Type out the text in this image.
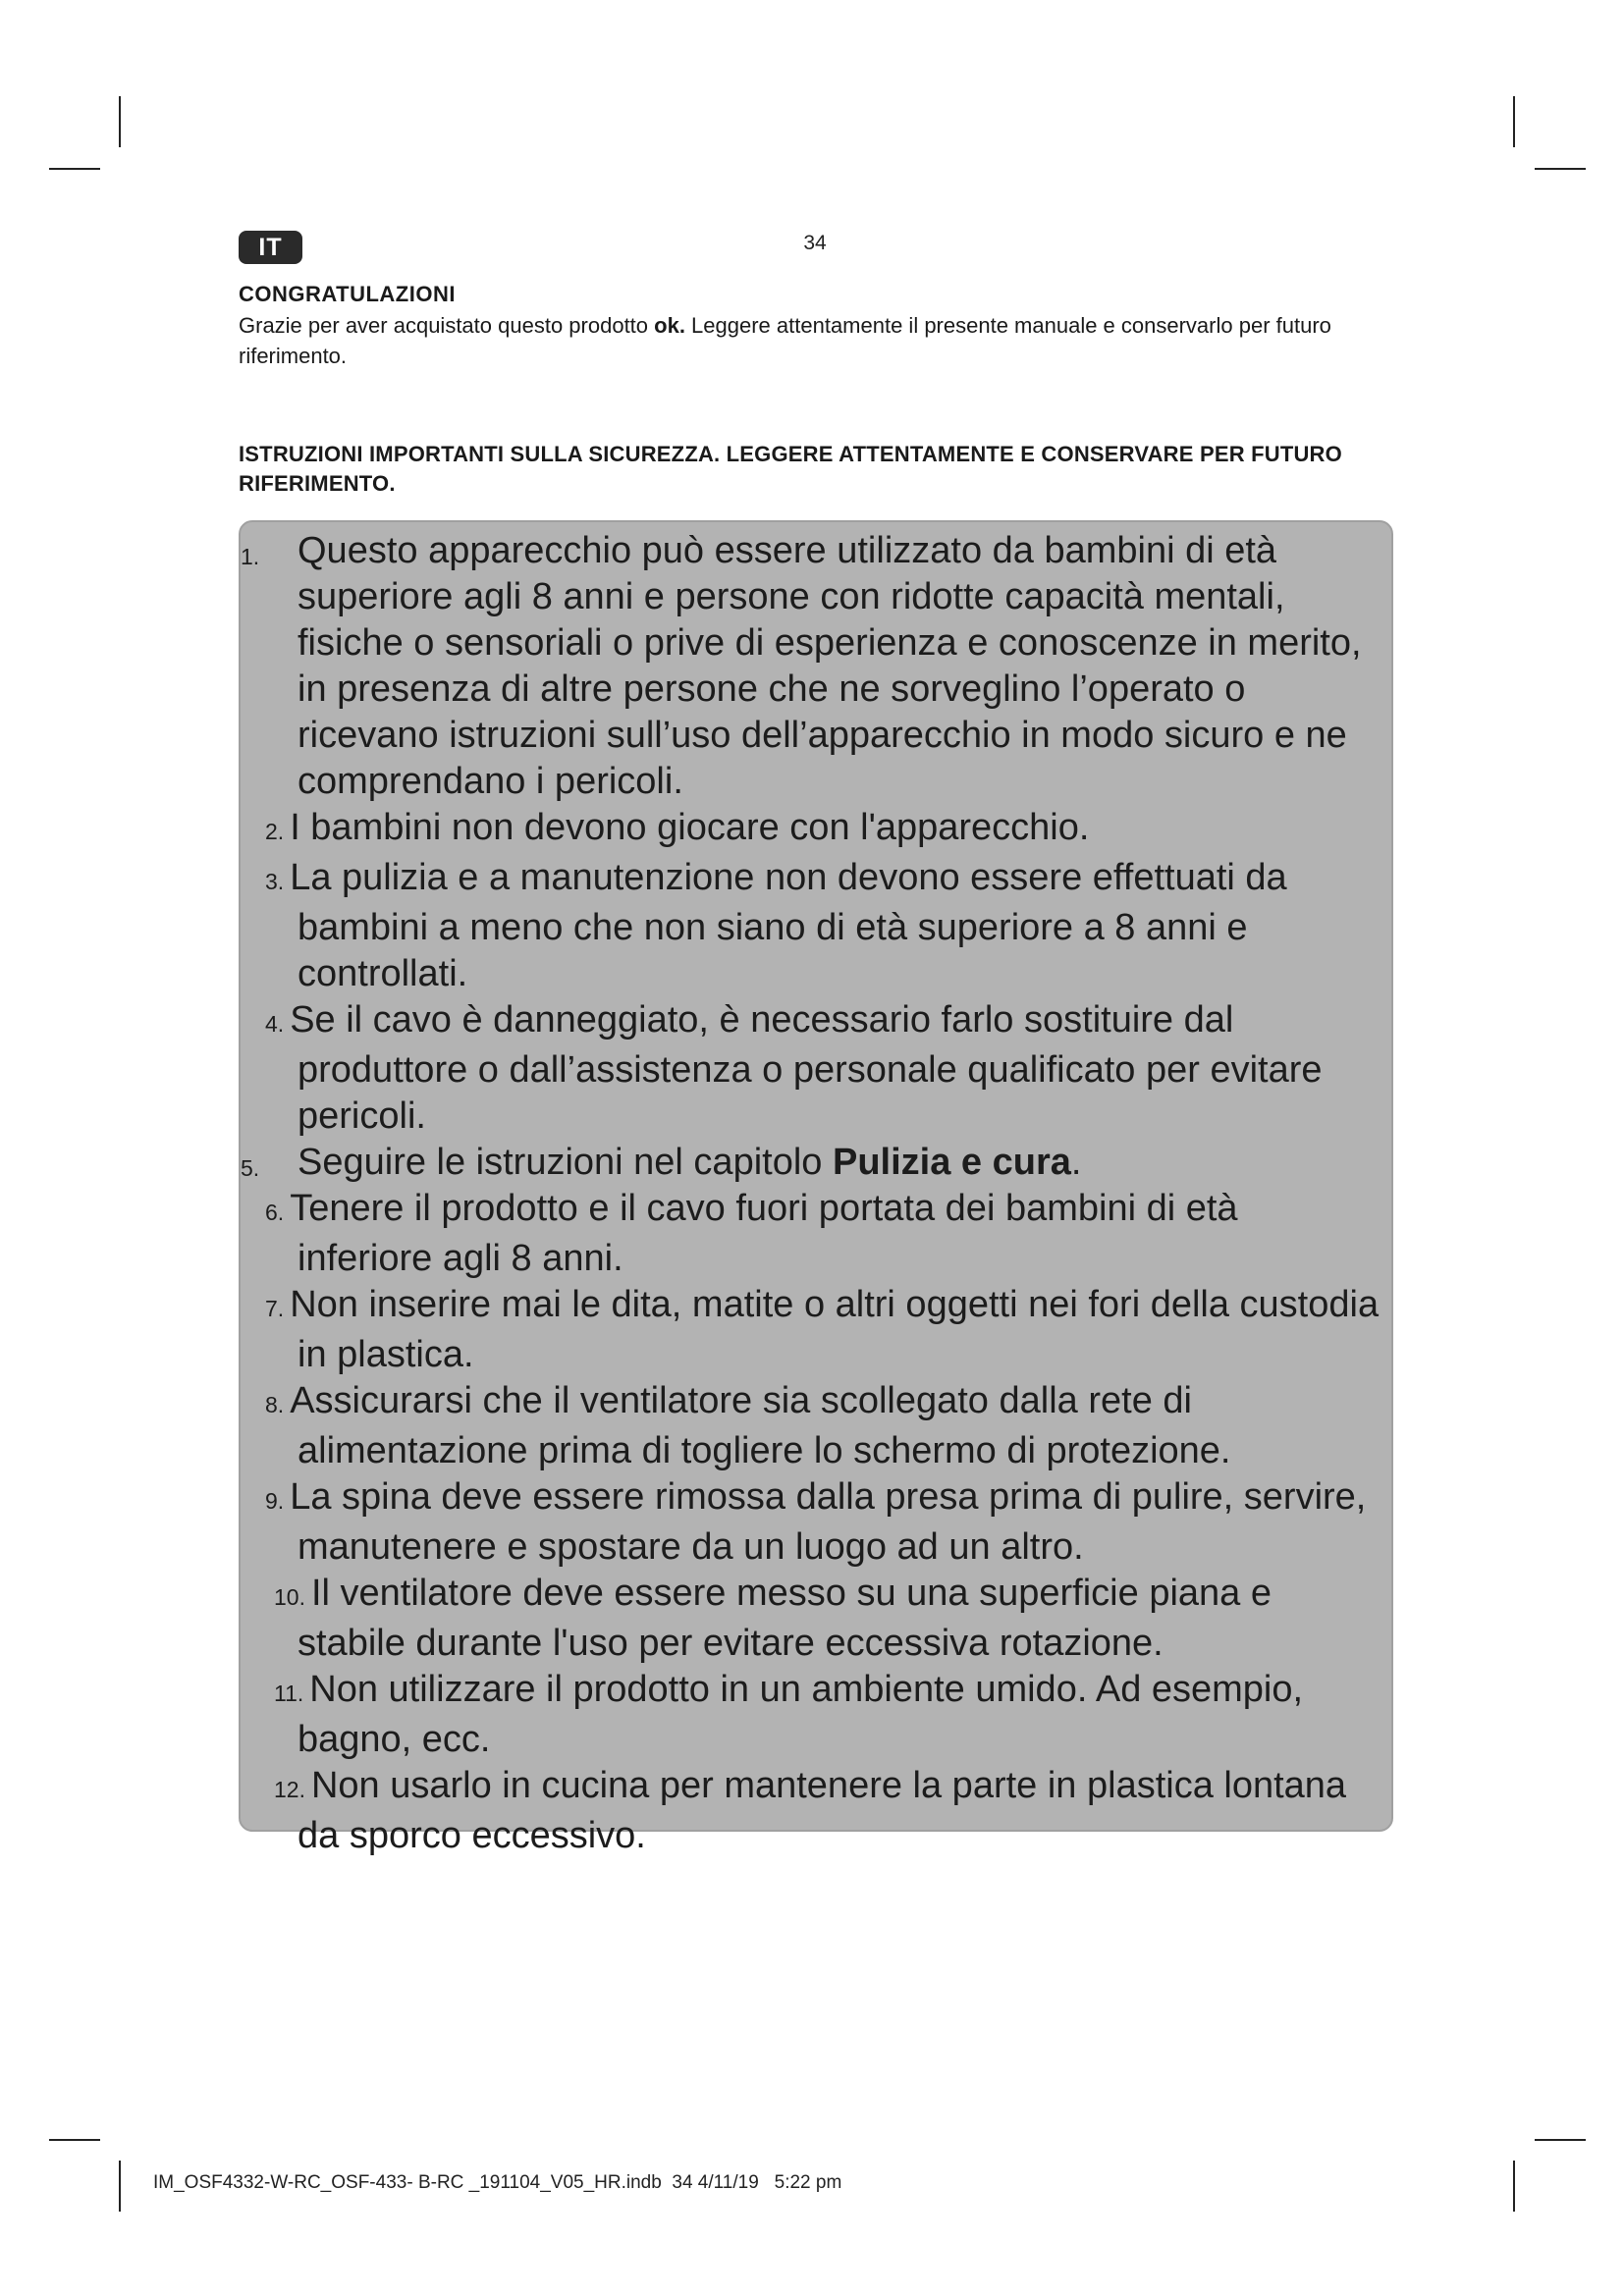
IT	34
CONGRATULAZIONI
Grazie per aver acquistato questo prodotto ok. Leggere attentamente il presente manuale e conservarlo per futuro riferimento.
ISTRUZIONI IMPORTANTI SULLA SICUREZZA. LEGGERE ATTENTAMENTE E CONSERVARE PER FUTURO RIFERIMENTO.
1. Questo apparecchio può essere utilizzato da bambini di età superiore agli 8 anni e persone con ridotte capacità mentali, fisiche o sensoriali o prive di esperienza e conoscenze in merito, in presenza di altre persone che ne sorveglino l’operato o ricevano istruzioni sull’uso dell’apparecchio in modo sicuro e ne comprendano i pericoli.
2. I bambini non devono giocare con l'apparecchio.
3. La pulizia e a manutenzione non devono essere effettuati da bambini a meno che non siano di età superiore a 8 anni e controllati.
4. Se il cavo è danneggiato, è necessario farlo sostituire dal produttore o dall’assistenza o personale qualificato per evitare pericoli.
5. Seguire le istruzioni nel capitolo Pulizia e cura.
6. Tenere il prodotto e il cavo fuori portata dei bambini di età inferiore agli 8 anni.
7. Non inserire mai le dita, matite o altri oggetti nei fori della custodia in plastica.
8. Assicurarsi che il ventilatore sia scollegato dalla rete di alimentazione prima di togliere lo schermo di protezione.
9. La spina deve essere rimossa dalla presa prima di pulire, servire, manutenere e spostare da un luogo ad un altro.
10. Il ventilatore deve essere messo su una superficie piana e stabile durante l'uso per evitare eccessiva rotazione.
11. Non utilizzare il prodotto in un ambiente umido. Ad esempio, bagno, ecc.
12. Non usarlo in cucina per mantenere la parte in plastica lontana da sporco eccessivo.
IM_OSF4332-W-RC_OSF-433- B-RC _191104_V05_HR.indb 34 4/11/19 5:22 pm
